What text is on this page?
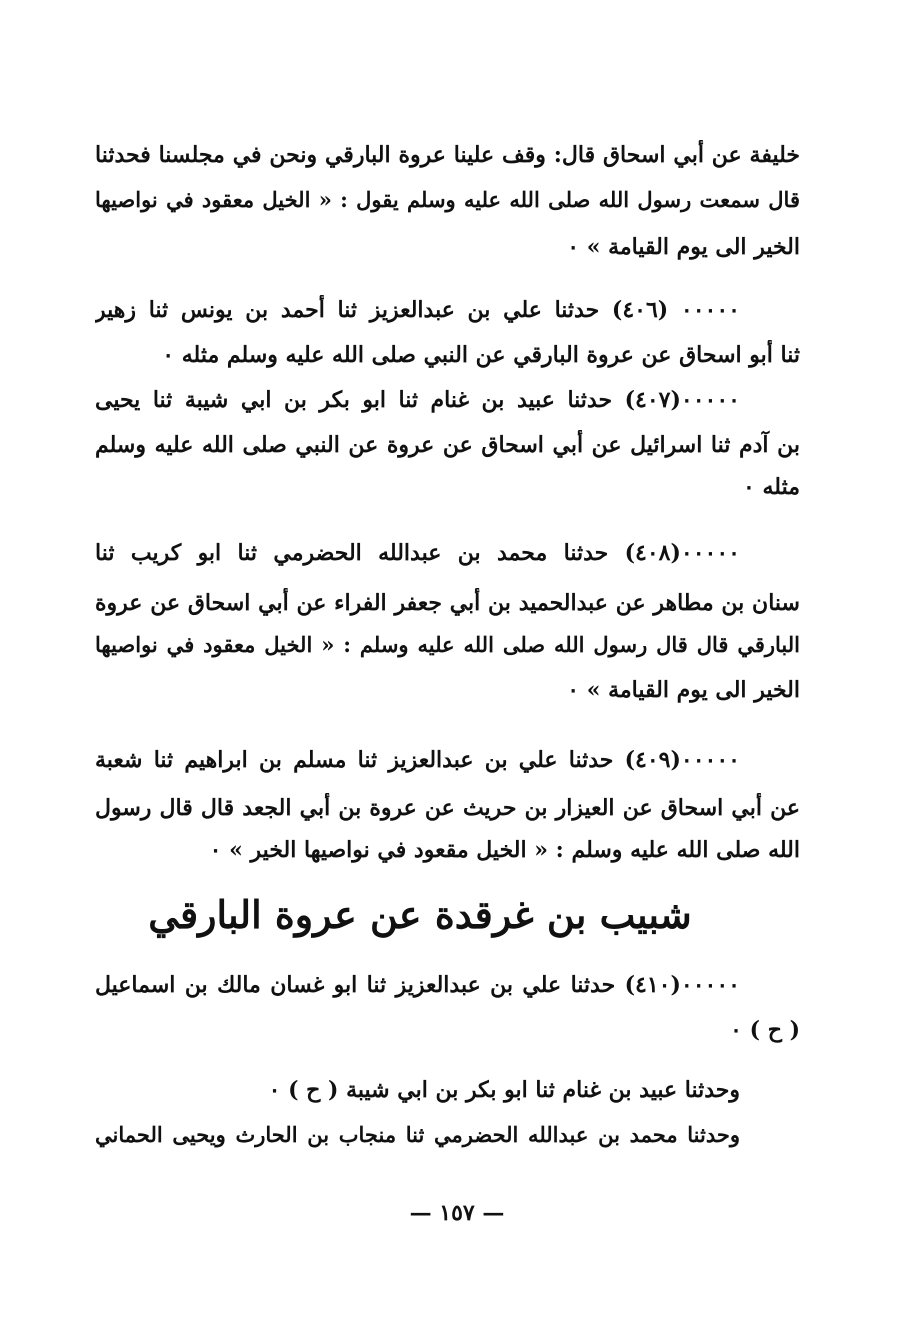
خليفة عن أبي اسحاق قال: وقف علينا عروة البارقي ونحن في مجلسنا فحدثنا
قال سمعت رسول الله صلى الله عليه وسلم يقول : « الخيل معقود في نواصيها
الخير الى يوم القيامة » ٠
٠٠٠٠٠ (٤٠٦) حدثنا علي بن عبدالعزيز ثنا أحمد بن يونس ثنا زهير
ثنا أبو اسحاق عن عروة البارقي عن النبي صلى الله عليه وسلم مثله ٠
٠٠٠٠٠(٤٠٧) حدثنا عبيد بن غنام ثنا ابو بكر بن ابي شيبة ثنا يحيى
بن آدم ثنا اسرائيل عن أبي اسحاق عن عروة عن النبي صلى الله عليه وسلم
مثله ٠
٠٠٠٠٠(٤٠٨) حدثنا محمد بن عبدالله الحضرمي ثنا ابو كريب ثنا
سنان بن مطاهر عن عبدالحميد بن أبي جعفر الفراء عن أبي اسحاق عن عروة
البارقي قال قال رسول الله صلى الله عليه وسلم : « الخيل معقود في نواصيها
الخير الى يوم القيامة » ٠
٠٠٠٠٠(٤٠٩) حدثنا علي بن عبدالعزيز ثنا مسلم بن ابراهيم ثنا شعبة
عن أبي اسحاق عن العيزار بن حريث عن عروة بن أبي الجعد قال قال رسول
الله صلى الله عليه وسلم : « الخيل مقعود في نواصيها الخير » ٠
شبيب بن غرقدة عن عروة البارقي
٠٠٠٠٠(٤١٠) حدثنا علي بن عبدالعزيز ثنا ابو غسان مالك بن اسماعيل
( ح ) ٠
وحدثنا عبيد بن غنام ثنا ابو بكر بن ابي شيبة ( ح ) ٠
وحدثنا محمد بن عبدالله الحضرمي ثنا منجاب بن الحارث ويحيى الحماني
— ١٥٧ —
